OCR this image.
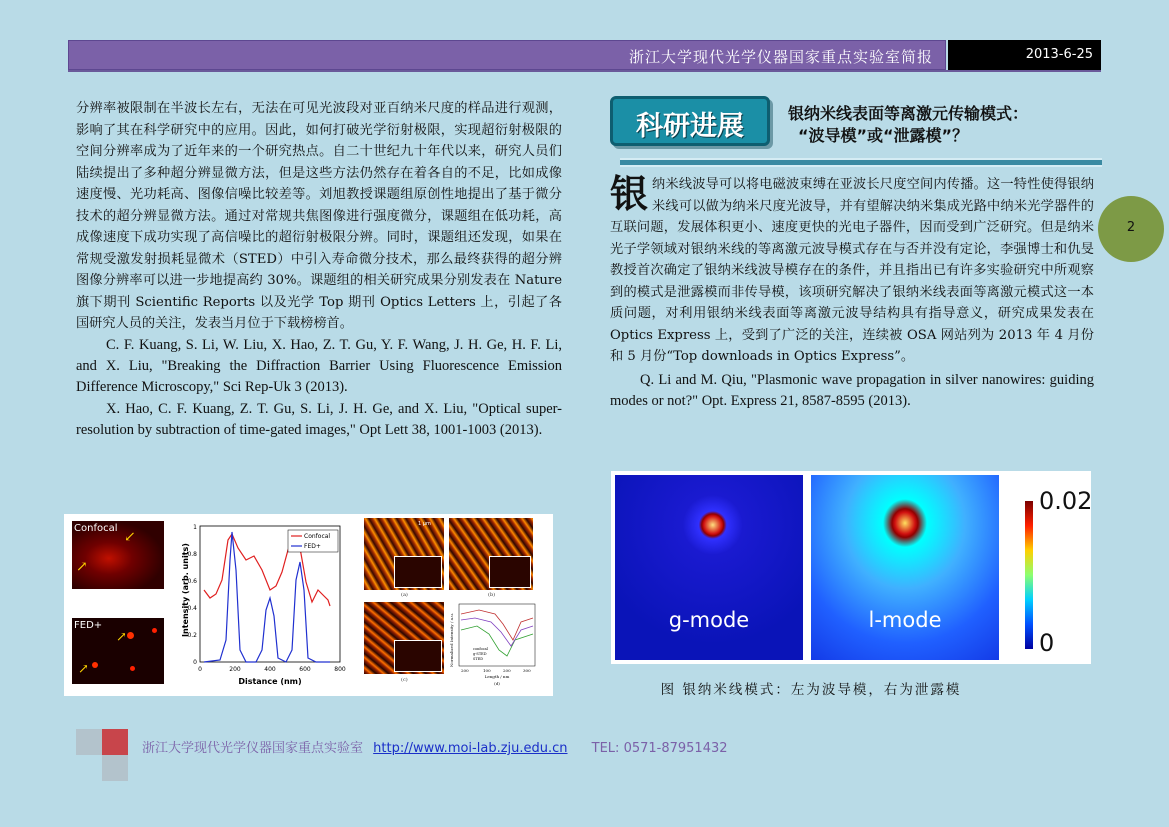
浙江大学现代光学仪器国家重点实验室简报	2013-6-25
分辨率被限制在半波长左右，无法在可见光波段对亚百纳米尺度的样品进行观测，影响了其在科学研究中的应用。因此，如何打破光学衍射极限，实现超衍射极限的空间分辨率成为了近年来的一个研究热点。自二十世纪九十年代以来，研究人员们陆续提出了多种超分辨显微方法，但是这些方法仍然存在着各自的不足，比如成像速度慢、光功耗高、图像信噪比较差等。刘旭教授课题组原创性地提出了基于微分技术的超分辨显微方法。通过对常规共焦图像进行强度微分，课题组在低功耗，高成像速度下成功实现了高信噪比的超衍射极限分辨。同时，课题组还发现，如果在常规受激发射损耗显微术（STED）中引入寿命微分技术，那么最终获得的超分辨图像分辨率可以进一步地提高约 30%。课题组的相关研究成果分别发表在 Nature 旗下期刊 Scientific Reports 以及光学 Top 期刊 Optics Letters 上，引起了各国研究人员的关注，发表当月位于下载榜榜首。
C. F. Kuang, S. Li, W. Liu, X. Hao, Z. T. Gu, Y. F. Wang, J. H. Ge, H. F. Li, and X. Liu, "Breaking the Diffraction Barrier Using Fluorescence Emission Difference Microscopy," Sci Rep-Uk 3 (2013).
X. Hao, C. F. Kuang, Z. T. Gu, S. Li, J. H. Ge, and X. Liu, "Optical super-resolution by subtraction of time-gated images," Opt Lett 38, 1001-1003 (2013).
Confocal
↙
↗
FED+
↗
↗
Intensity (arb. units)
0
0.2
0.4
0.6
0.8
1
0	200	400	600	800
Distance (nm)
Confocal
FED+
1 µm
(a)	(b)
(c)
Normalized Intensity / a.u.
200	100	200	300
Length / nm
(d)
confocal
g-STED
STED
科研进展	银纳米线表面等离激元传输模式：
“波导模”或“泄露模”？
银 纳米线波导可以将电磁波束缚在亚波长尺度空间内传播。这一特性使得银纳米线可以做为纳米尺度光波导，并有望解决纳米集成光路中纳米光学器件的互联问题，发展体积更小、速度更快的光电子器件，因而受到广泛研究。但是纳米光子学领域对银纳米线的等离激元波导模式存在与否并没有定论，李强博士和仇旻教授首次确定了银纳米线波导模存在的条件，并且指出已有许多实验研究中所观察到的模式是泄露模而非传导模，该项研究解决了银纳米线表面等离激元模式这一本质问题，对利用银纳米线表面等离激元波导结构具有指导意义，研究成果发表在 Optics Express 上，受到了广泛的关注，连续被 OSA 网站列为 2013 年 4 月份和 5 月份“Top downloads in Optics Express”。
Q. Li and M. Qiu, "Plasmonic wave propagation in silver nanowires: guiding modes or not?" Opt. Express 21, 8587-8595 (2013).
g-mode	l-mode
0.02
0
图 银纳米线模式：左为波导模，右为泄露模
2
浙江大学现代光学仪器国家重点实验室 http://www.moi-lab.zju.edu.cn TEL: 0571-87951432
